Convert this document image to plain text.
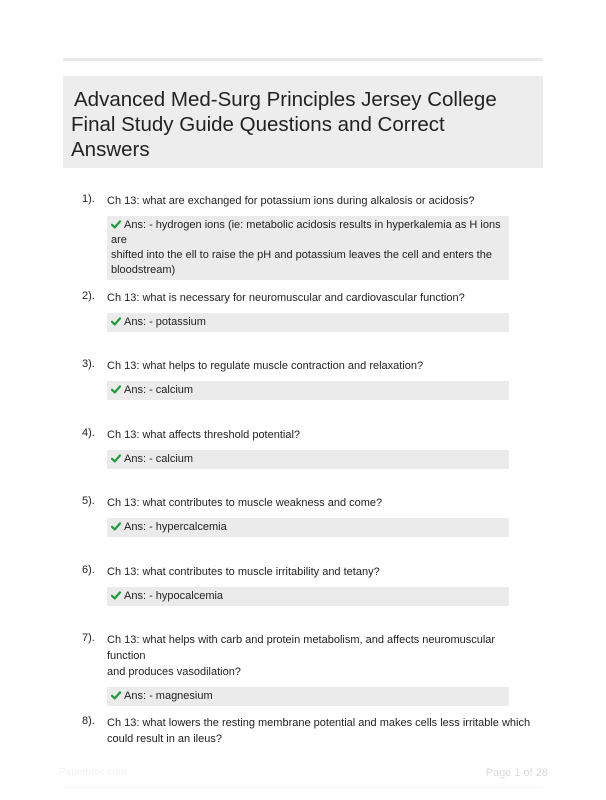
Advanced Med-Surg Principles Jersey College
Final Study Guide Questions and Correct
Answers
1).	Ch 13: what are exchanged for potassium ions during alkalosis or acidosis?
Ans: - hydrogen ions (ie: metabolic acidosis results in hyperkalemia as H ions are
shifted into the ell to raise the pH and potassium leaves the cell and enters the
bloodstream)
2).	Ch 13: what is necessary for neuromuscular and cardiovascular function?
Ans: - potassium
3).	Ch 13: what helps to regulate muscle contraction and relaxation?
Ans: - calcium
4).	Ch 13: what affects threshold potential?
Ans: - calcium
5).	Ch 13: what contributes to muscle weakness and come?
Ans: - hypercalcemia
6).	Ch 13: what contributes to muscle irritability and tetany?
Ans: - hypocalcemia
7).	Ch 13: what helps with carb and protein metabolism, and affects neuromuscular function
and produces vasodilation?
Ans: - magnesium
8).	Ch 13: what lowers the resting membrane potential and makes cells less irritable which
could result in an ileus?
Paperbtbc.com	Page 1 of 28
